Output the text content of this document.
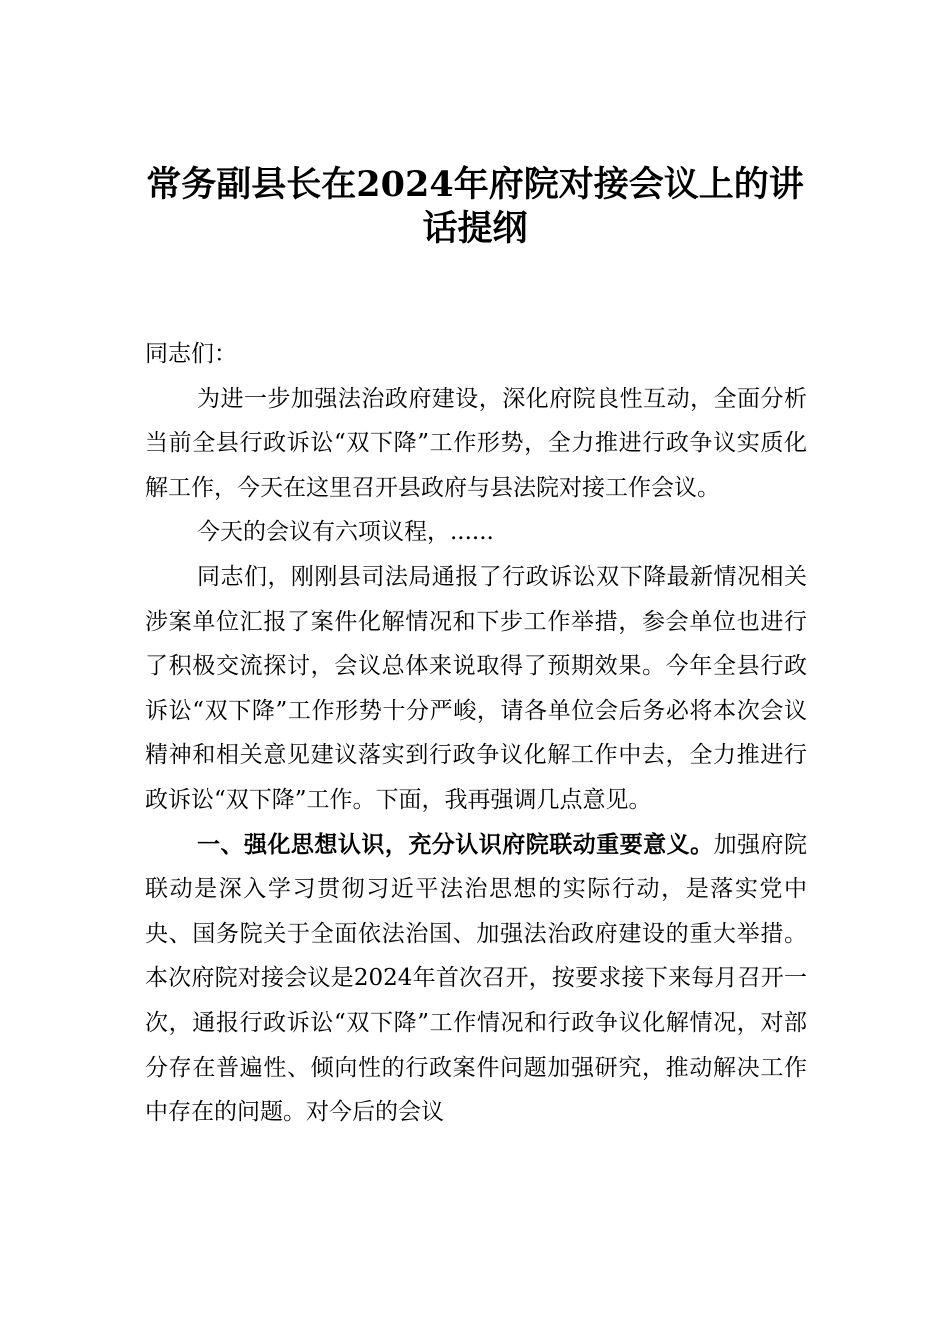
常务副县长在2024年府院对接会议上的讲
话提纲

同志们：

为进一步加强法治政府建设，深化府院良性互动，全面分析当前全县行政诉讼“双下降”工作形势，全力推进行政争议实质化解工作，今天在这里召开县政府与县法院对接工作会议。

今天的会议有六项议程，......

同志们，刚刚县司法局通报了行政诉讼双下降最新情况相关涉案单位汇报了案件化解情况和下步工作举措，参会单位也进行了积极交流探讨，会议总体来说取得了预期效果。今年全县行政诉讼“双下降”工作形势十分严峻，请各单位会后务必将本次会议精神和相关意见建议落实到行政争议化解工作中去，全力推进行政诉讼“双下降”工作。下面，我再强调几点意见。

一、强化思想认识，充分认识府院联动重要意义。加强府院联动是深入学习贯彻习近平法治思想的实际行动，是落实党中央、国务院关于全面依法治国、加强法治政府建设的重大举措。本次府院对接会议是2024年首次召开，按要求接下来每月召开一次，通报行政诉讼“双下降”工作情况和行政争议化解情况，对部分存在普遍性、倾向性的行政案件问题加强研究，推动解决工作中存在的问题。对今后的会议
